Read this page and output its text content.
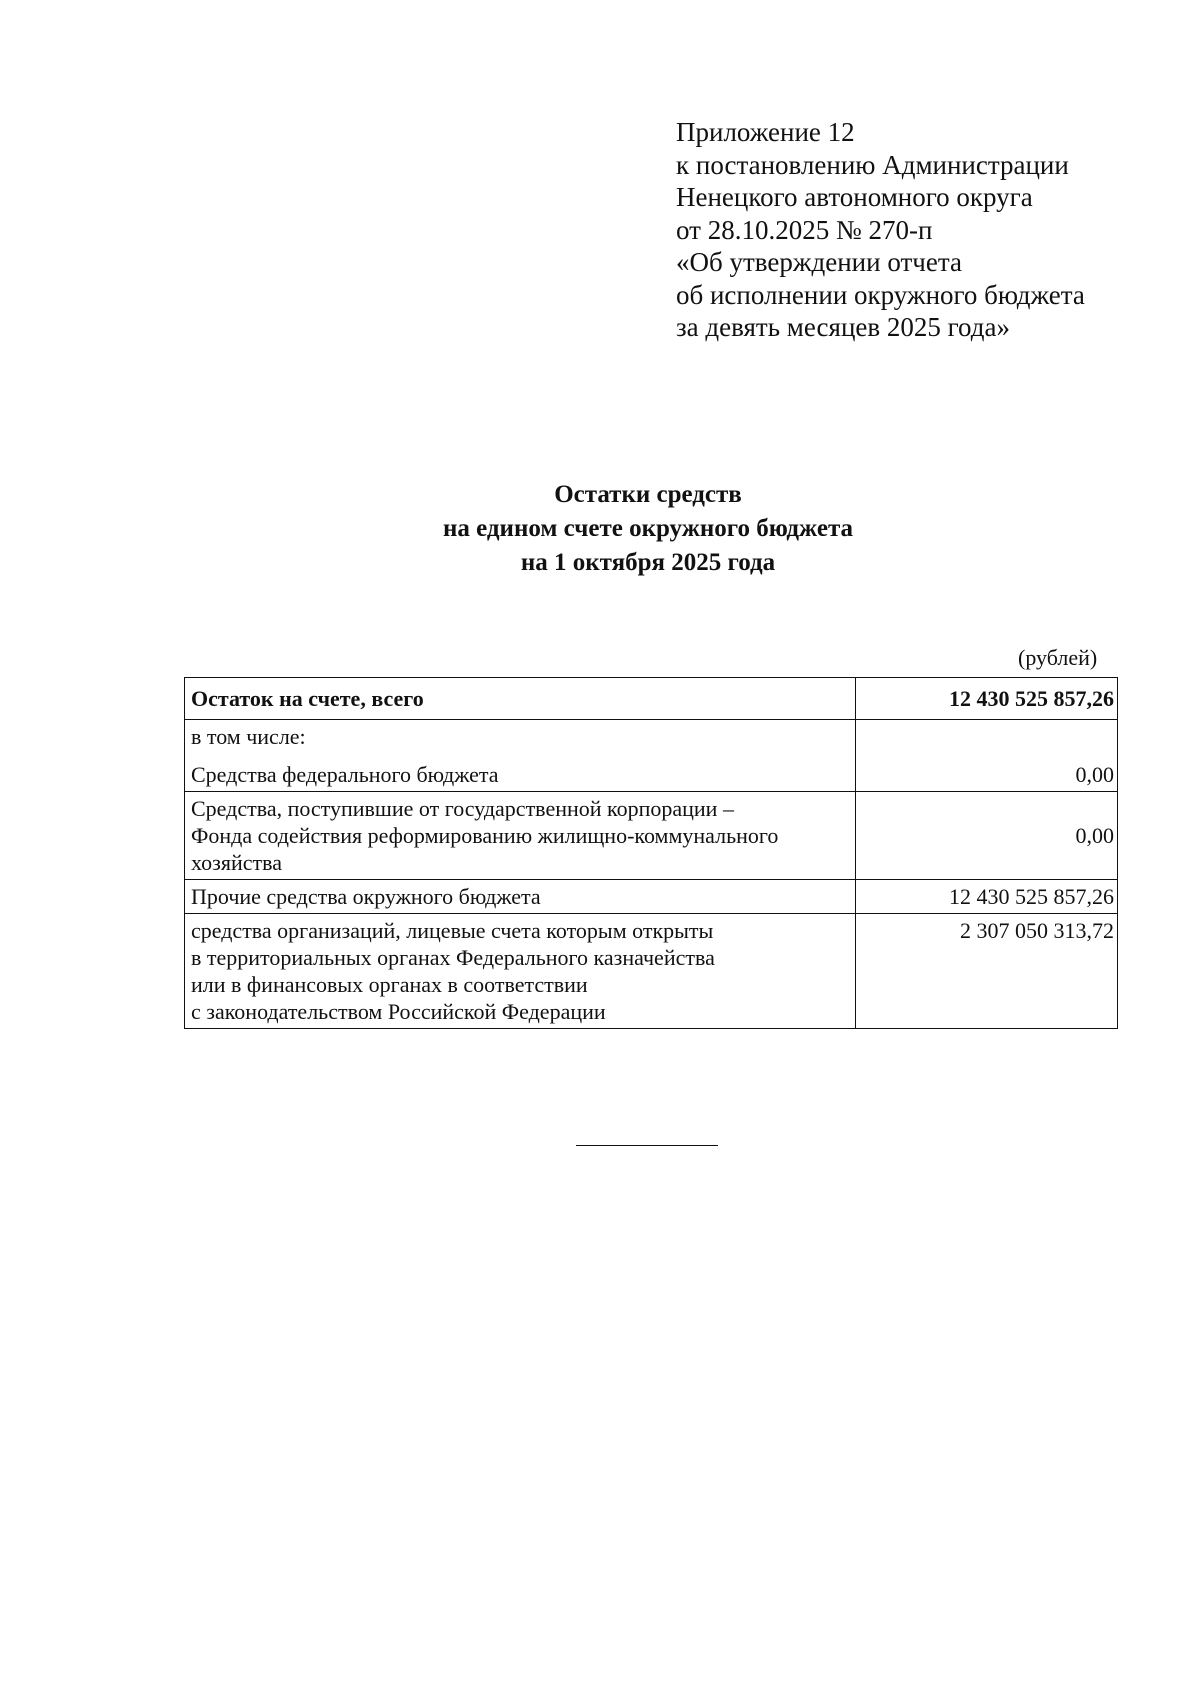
Приложение 12
к постановлению Администрации
Ненецкого автономного округа
от 28.10.2025 № 270-п
«Об утверждении отчета
об исполнении окружного бюджета
за девять месяцев 2025 года»
Остатки средств
на едином счете окружного бюджета
на 1 октября 2025 года
(рублей)
Остаток на счете, всего	12 430 525 857,26

в том числе:
Средства федерального бюджета	0,00

Средства, поступившие от государственной корпорации –
Фонда содействия реформированию жилищно-коммунального
хозяйства	0,00
Прочие средства окружного бюджета	12 430 525 857,26

средства организаций, лицевые счета которым открыты
в территориальных органах Федерального казначейства
или в финансовых органах в соответствии
с законодательством Российской Федерации	2 307 050 313,72
